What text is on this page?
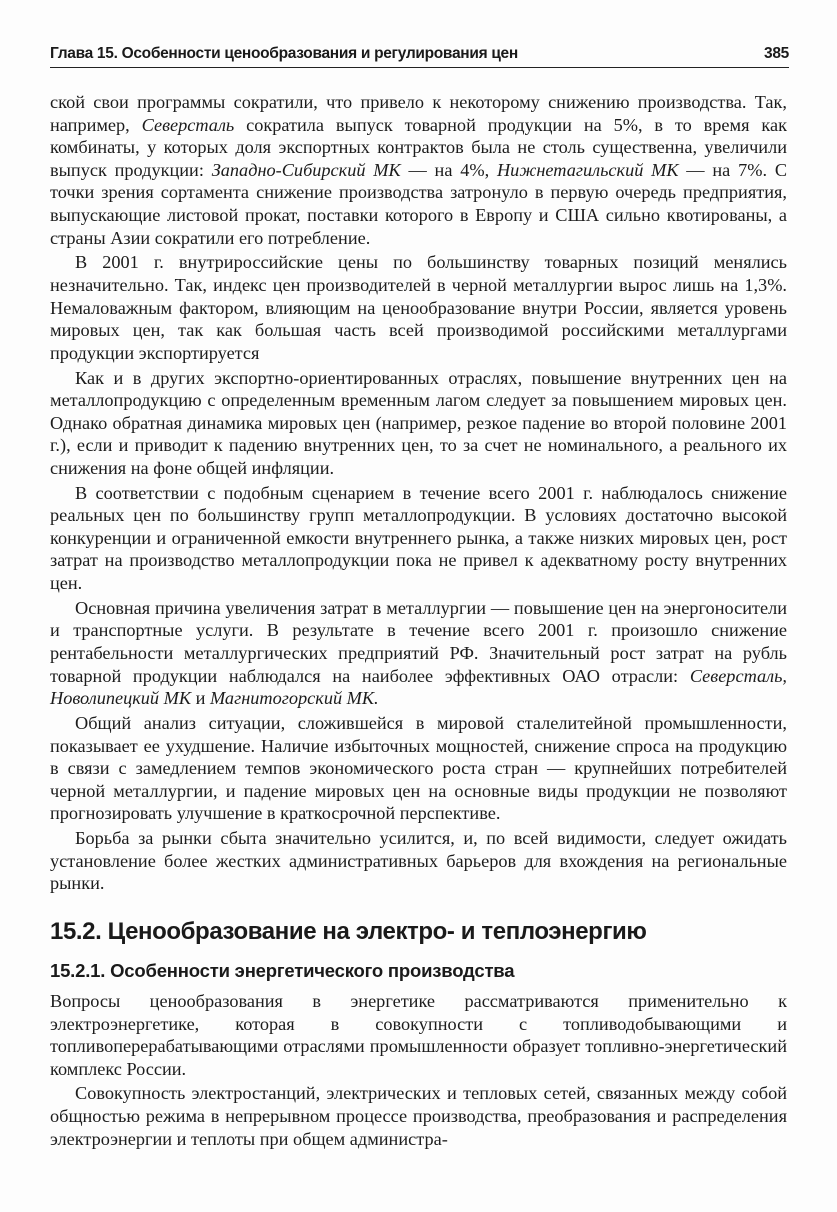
Глава 15. Особенности ценообразования и регулирования цен	385

ской свои программы сократили, что привело к некоторому снижению производства. Так, например, Северсталь сократила выпуск товарной продукции на 5%, в то время как комбинаты, у которых доля экспортных контрактов была не столь существенна, увеличили выпуск продукции: Западно-Сибирский МК — на 4%, Нижнетагильский МК — на 7%. С точки зрения сортамента снижение производства затронуло в первую очередь предприятия, выпускающие листовой прокат, поставки которого в Европу и США сильно квотированы, а страны Азии сократили его потребление.

В 2001 г. внутрироссийские цены по большинству товарных позиций менялись незначительно. Так, индекс цен производителей в черной металлургии вырос лишь на 1,3%. Немаловажным фактором, влияющим на ценообразование внутри России, является уровень мировых цен, так как большая часть всей производимой российскими металлургами продукции экспортируется

Как и в других экспортно-ориентированных отраслях, повышение внутренних цен на металлопродукцию с определенным временным лагом следует за повышением мировых цен. Однако обратная динамика мировых цен (например, резкое падение во второй половине 2001 г.), если и приводит к падению внутренних цен, то за счет не номинального, а реального их снижения на фоне общей инфляции.

В соответствии с подобным сценарием в течение всего 2001 г. наблюдалось снижение реальных цен по большинству групп металлопродукции. В условиях достаточно высокой конкуренции и ограниченной емкости внутреннего рынка, а также низких мировых цен, рост затрат на производство металлопродукции пока не привел к адекватному росту внутренних цен.

Основная причина увеличения затрат в металлургии — повышение цен на энергоносители и транспортные услуги. В результате в течение всего 2001 г. произошло снижение рентабельности металлургических предприятий РФ. Значительный рост затрат на рубль товарной продукции наблюдался на наиболее эффективных ОАО отрасли: Северсталь, Новолипецкий МК и Магнитогорский МК.

Общий анализ ситуации, сложившейся в мировой сталелитейной промышленности, показывает ее ухудшение. Наличие избыточных мощностей, снижение спроса на продукцию в связи с замедлением темпов экономического роста стран — крупнейших потребителей черной металлургии, и падение мировых цен на основные виды продукции не позволяют прогнозировать улучшение в краткосрочной перспективе.

Борьба за рынки сбыта значительно усилится, и, по всей видимости, следует ожидать установление более жестких административных барьеров для вхождения на региональные рынки.

15.2. Ценообразование на электро- и теплоэнергию
15.2.1. Особенности энергетического производства

Вопросы ценообразования в энергетике рассматриваются применительно к электроэнергетике, которая в совокупности с топливодобывающими и топливоперерабатывающими отраслями промышленности образует топливно-энергетический комплекс России.

Совокупность электростанций, электрических и тепловых сетей, связанных между собой общностью режима в непрерывном процессе производства, преобразования и распределения электроэнергии и теплоты при общем администра-
